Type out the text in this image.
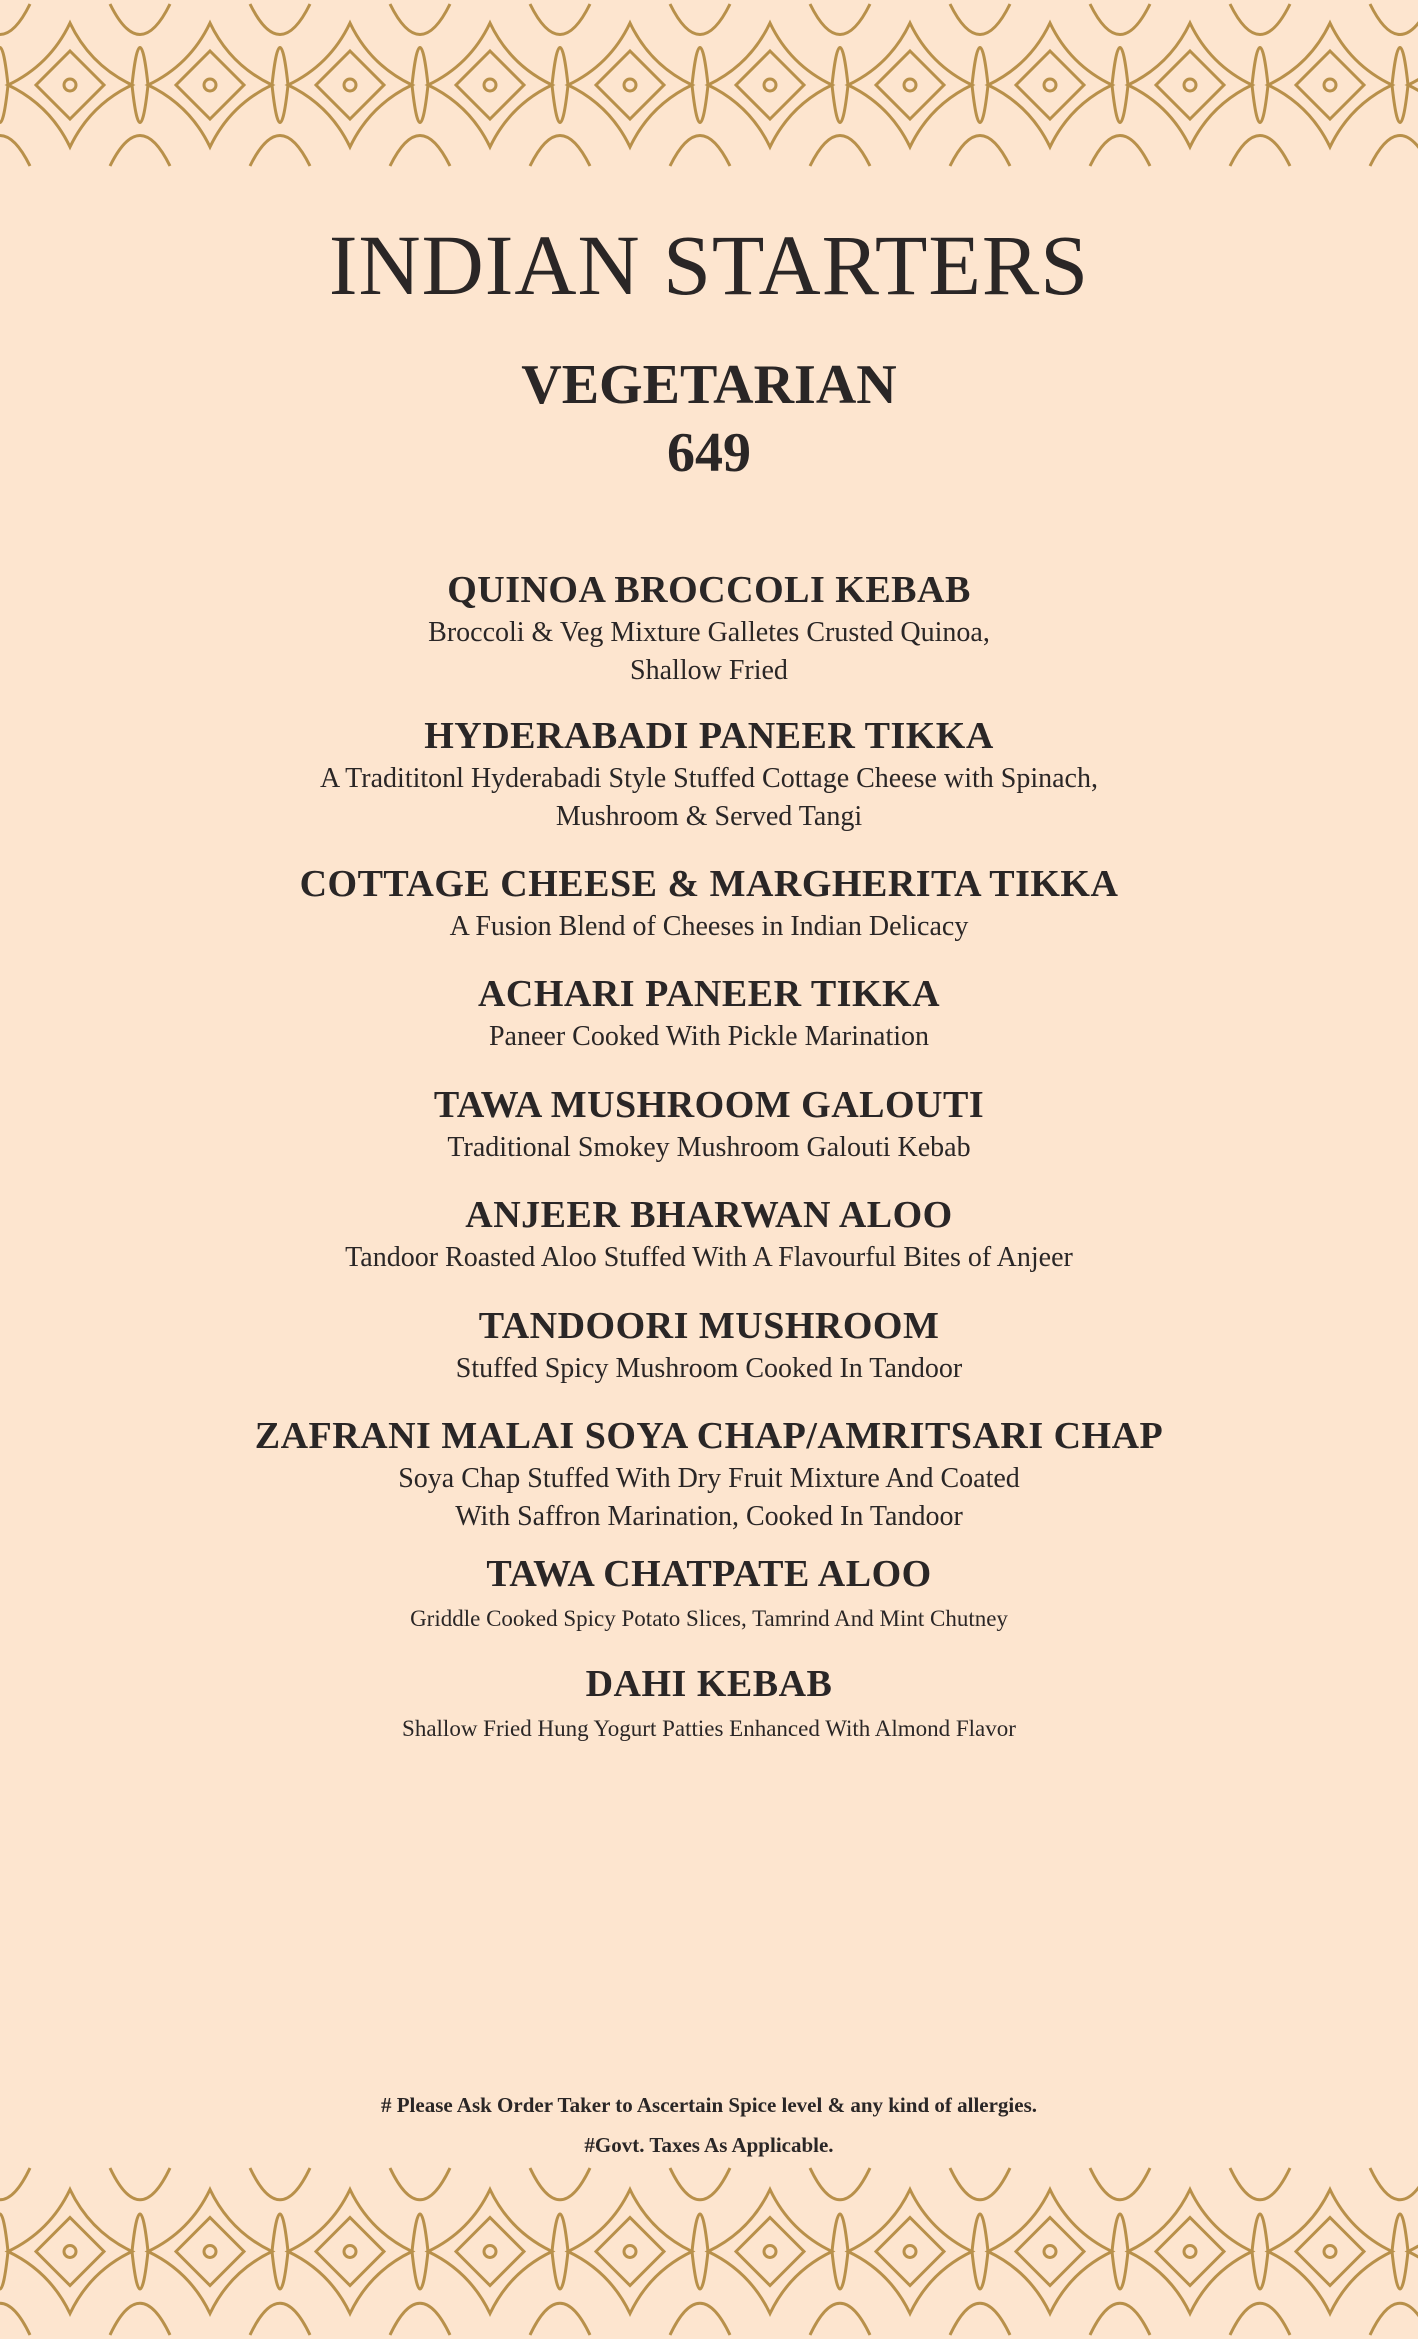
INDIAN STARTERS
VEGETARIAN
649
QUINOA BROCCOLI KEBAB
Broccoli & Veg Mixture Galletes Crusted Quinoa,
Shallow Fried
HYDERABADI PANEER TIKKA
A Tradititonl Hyderabadi Style Stuffed Cottage Cheese with Spinach,
Mushroom & Served Tangi
COTTAGE CHEESE & MARGHERITA TIKKA
A Fusion Blend of Cheeses in Indian Delicacy
ACHARI PANEER TIKKA
Paneer Cooked With Pickle Marination
TAWA MUSHROOM GALOUTI
Traditional Smokey Mushroom Galouti Kebab
ANJEER BHARWAN ALOO
Tandoor Roasted Aloo Stuffed With A Flavourful Bites of Anjeer
TANDOORI MUSHROOM
Stuffed Spicy Mushroom Cooked In Tandoor
ZAFRANI MALAI SOYA CHAP/AMRITSARI CHAP
Soya Chap Stuffed With Dry Fruit Mixture And Coated
With Saffron Marination, Cooked In Tandoor
TAWA CHATPATE ALOO
Griddle Cooked Spicy Potato Slices, Tamrind And Mint Chutney
DAHI KEBAB
Shallow Fried Hung Yogurt Patties Enhanced With Almond Flavor
# Please Ask Order Taker to Ascertain Spice level & any kind of allergies.
#Govt. Taxes As Applicable.
